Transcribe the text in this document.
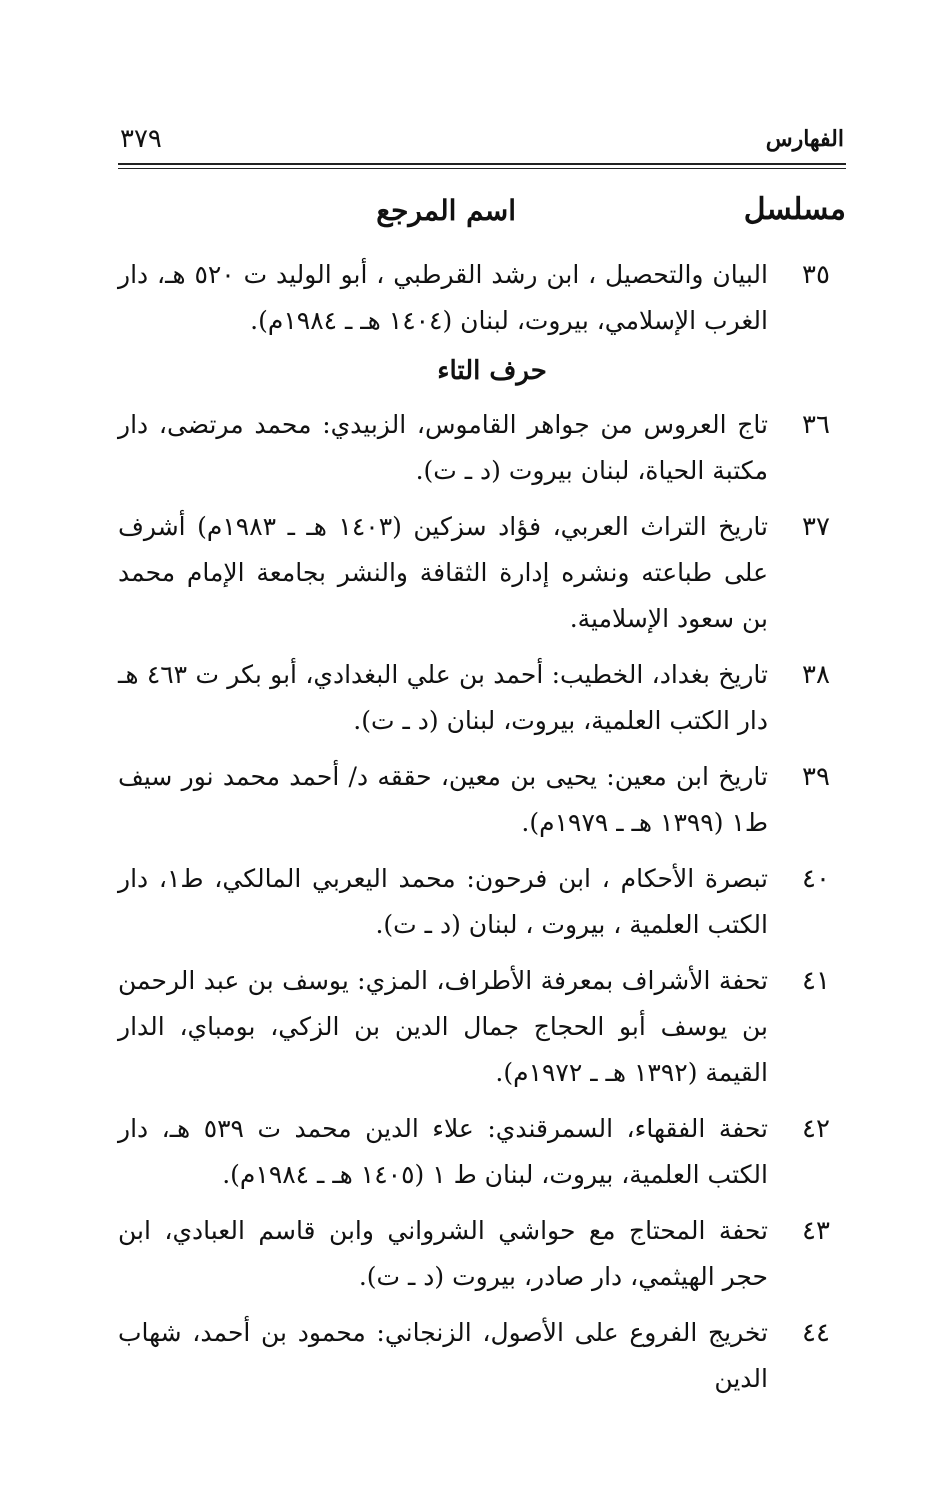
الفهارس
٣٧٩
مسلسل
اسم المرجع
٣٥
البيان والتحصيل ، ابن رشد القرطبي ، أبو الوليد ت ٥٢٠ هـ، دار الغرب الإسلامي، بيروت، لبنان (١٤٠٤ هـ ـ ١٩٨٤م).
حرف التاء
٣٦
تاج العروس من جواهر القاموس، الزبيدي: محمد مرتضى، دار مكتبة الحياة، لبنان بيروت (د ـ ت).
٣٧
تاريخ التراث العربي، فؤاد سزكين (١٤٠٣ هـ ـ ١٩٨٣م) أشرف على طباعته ونشره إدارة الثقافة والنشر بجامعة الإمام محمد بن سعود الإسلامية.
٣٨
تاريخ بغداد، الخطيب: أحمد بن علي البغدادي، أبو بكر ت ٤٦٣ هـ دار الكتب العلمية، بيروت، لبنان (د ـ ت).
٣٩
تاريخ ابن معين: يحيى بن معين، حققه د/ أحمد محمد نور سيف ط١ (١٣٩٩ هـ ـ ١٩٧٩م).
٤٠
تبصرة الأحكام ، ابن فرحون: محمد اليعربي المالكي، ط١، دار الكتب العلمية ، بيروت ، لبنان (د ـ ت).
٤١
تحفة الأشراف بمعرفة الأطراف، المزي: يوسف بن عبد الرحمن بن يوسف أبو الحجاج جمال الدين بن الزكي، بومباي، الدار القيمة (١٣٩٢ هـ ـ ١٩٧٢م).
٤٢
تحفة الفقهاء، السمرقندي: علاء الدين محمد ت ٥٣٩ هـ، دار الكتب العلمية، بيروت، لبنان ط ١ (١٤٠٥ هـ ـ ١٩٨٤م).
٤٣
تحفة المحتاج مع حواشي الشرواني وابن قاسم العبادي، ابن حجر الهيثمي، دار صادر، بيروت (د ـ ت).
٤٤
تخريج الفروع على الأصول، الزنجاني: محمود بن أحمد، شهاب الدين
